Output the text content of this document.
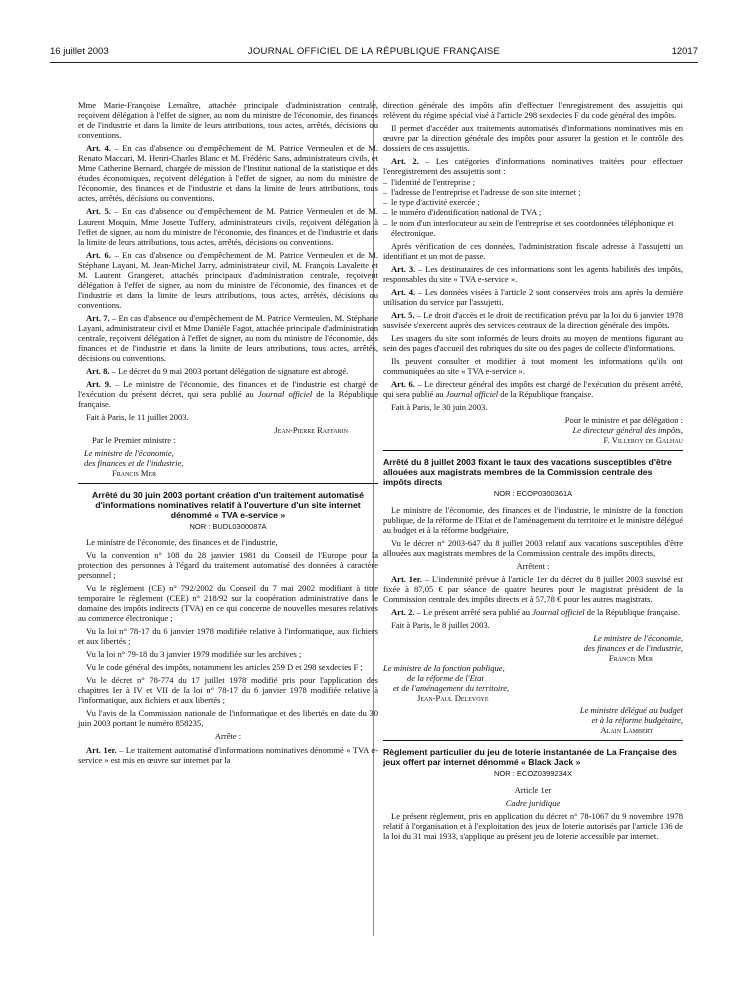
16 juillet 2003	JOURNAL OFFICIEL DE LA RÉPUBLIQUE FRANÇAISE	12017

Mme Marie-Françoise Lemaître, attachée principale d'administration centrale, reçoivent délégation à l'effet de signer, au nom du ministre de l'économie, des finances et de l'industrie et dans la limite de leurs attributions, tous actes, arrêtés, décisions ou conventions.

Art. 4. – En cas d'absence ou d'empêchement de M. Patrice Vermeulen et de M. Renato Maccari, M. Henri-Charles Blanc et M. Frédéric Sans, administrateurs civils, et Mme Catherine Bernard, chargée de mission de l'Institut national de la statistique et des études économiques, reçoivent délégation à l'effet de signer, au nom du ministre de l'économie, des finances et de l'industrie et dans la limite de leurs attributions, tous actes, arrêtés, décisions ou conventions.

Art. 5. – En cas d'absence ou d'empêchement de M. Patrice Vermeulen et de M. Laurent Moquin, Mme Josette Tuffery, administrateurs civils, reçoivent délégation à l'effet de signer, au nom du ministre de l'économie, des finances et de l'industrie et dans la limite de leurs attributions, tous actes, arrêtés, décisions ou conventions.

Art. 6. – En cas d'absence ou d'empêchement de M. Patrice Vermeulen et de M. Stéphane Layani, M. Jean-Michel Jarry, administrateur civil, M. François Lavalette et M. Laurent Grangeret, attachés principaux d'administration centrale, reçoivent délégation à l'effet de signer, au nom du ministre de l'économie, des finances et de l'industrie et dans la limite de leurs attributions, tous actes, arrêtés, décisions ou conventions.

Art. 7. – En cas d'absence ou d'empêchement de M. Patrice Vermeulen, M. Stéphane Layani, administrateur civil et Mme Danièle Fagot, attachée principale d'administration centrale, reçoivent délégation à l'effet de signer, au nom du ministre de l'économie, des finances et de l'industrie et dans la limite de leurs attributions, tous actes, arrêtés, décisions ou conventions.

Art. 8. – Le décret du 9 mai 2003 portant délégation de signature est abrogé.

Art. 9. – Le ministre de l'économie, des finances et de l'industrie est chargé de l'exécution du présent décret, qui sera publié au Journal officiel de la République française.

Fait à Paris, le 11 juillet 2003.

Jean-Pierre Raffarin

Par le Premier ministre :

Le ministre de l'économie,

des finances et de l'industrie,

Francis Mer

Arrêté du 30 juin 2003 portant création d'un traitement automatisé d'informations nominatives relatif à l'ouverture d'un site internet dénommé « TVA e-service »

NOR : BUDL0300087A

Le ministre de l'économie, des finances et de l'industrie,

Vu la convention n° 108 du 28 janvier 1981 du Conseil de l'Europe pour la protection des personnes à l'égard du traitement automatisé des données à caractère personnel ;

Vu le règlement (CE) n° 792/2002 du Conseil du 7 mai 2002 modifiant à titre temporaire le règlement (CEE) n° 218/92 sur la coopération administrative dans le domaine des impôts indirects (TVA) en ce qui concerne de nouvelles mesures relatives au commerce électronique ;

Vu la loi n° 78-17 du 6 janvier 1978 modifiée relative à l'informatique, aux fichiers et aux libertés ;

Vu la loi n° 79-18 du 3 janvier 1979 modifiée sur les archives ;

Vu le code général des impôts, notamment les articles 259 D et 298 sexdecies F ;

Vu le décret n° 78-774 du 17 juillet 1978 modifié pris pour l'application des chapitres Ier à IV et VII de la loi n° 78-17 du 6 janvier 1978 modifiée relative à l'informatique, aux fichiers et aux libertés ;

Vu l'avis de la Commission nationale de l'informatique et des libertés en date du 30 juin 2003 portant le numéro 858235,

Arrête :

Art. 1er. – Le traitement automatisé d'informations nominatives dénommé « TVA e-service » est mis en œuvre sur internet par la

direction générale des impôts afin d'effectuer l'enregistrement des assujettis qui relèvent du régime spécial visé à l'article 298 sexdecies F du code général des impôts.

Il permet d'accéder aux traitements automatisés d'informations nominatives mis en œuvre par la direction générale des impôts pour assurer la gestion et le contrôle des dossiers de ces assujettis.

Art. 2. – Les catégories d'informations nominatives traitées pour effectuer l'enregistrement des assujettis sont :

– l'identité de l'entreprise ;
– l'adresse de l'entreprise et l'adresse de son site internet ;
– le type d'activité exercée ;
– le numéro d'identification national de TVA ;
– le nom d'un interlocuteur au sein de l'entreprise et ses coordonnées téléphonique et électronique.

Après vérification de ces données, l'administration fiscale adresse à l'assujetti un identifiant et un mot de passe.

Art. 3. – Les destinataires de ces informations sont les agents habilités des impôts, responsables du site « TVA e-service ».

Art. 4. – Les données visées à l'article 2 sont conservées trois ans après la dernière utilisation du service par l'assujetti.

Art. 5. – Le droit d'accès et le droit de rectification prévu par la loi du 6 janvier 1978 susvisée s'exercent auprès des services centraux de la direction générale des impôts.

Les usagers du site sont informés de leurs droits au moyen de mentions figurant au sein des pages d'accueil des rubriques du site ou des pages de collecte d'informations.

Ils peuvent consulter et modifier à tout moment les informations qu'ils ont communiquées au site « TVA e-service ».

Art. 6. – Le directeur général des impôts est chargé de l'exécution du présent arrêté, qui sera publié au Journal officiel de la République française.

Fait à Paris, le 30 juin 2003.

Pour le ministre et par délégation :

Le directeur général des impôts,

F. Villeroy de Galhau

Arrêté du 8 juillet 2003 fixant le taux des vacations susceptibles d'être allouées aux magistrats membres de la Commission centrale des impôts directs

NOR : ECOP0300361A

Le ministre de l'économie, des finances et de l'industrie, le ministre de la fonction publique, de la réforme de l'Etat et de l'aménagement du territoire et le ministre délégué au budget et à la réforme budgétaire,

Vu le décret n° 2003-647 du 8 juillet 2003 relatif aux vacations susceptibles d'être allouées aux magistrats membres de la Commission centrale des impôts directs,

Arrêtent :

Art. 1er. – L'indemnité prévue à l'article 1er du décret du 8 juillet 2003 susvisé est fixée à 87,05 € par séance de quatre heures pour le magistrat président de la Commission centrale des impôts directs et à 57,78 € pour les autres magistrats.

Art. 2. – Le présent arrêté sera publié au Journal officiel de la République française.

Fait à Paris, le 8 juillet 2003.

Le ministre de l'économie,

des finances et de l'industrie,

Francis Mer

Le ministre de la fonction publique,

de la réforme de l'Etat

et de l'aménagement du territoire,

Jean-Paul Delevoye

Le ministre délégué au budget

et à la réforme budgétaire,

Alain Lambert

Règlement particulier du jeu de loterie instantanée de La Française des jeux offert par internet dénommé « Black Jack »

NOR : ECOZ0399234X

Article 1er

Cadre juridique

Le présent règlement, pris en application du décret n° 78-1067 du 9 novembre 1978 relatif à l'organisation et à l'exploitation des jeux de loterie autorisés par l'article 136 de la loi du 31 mai 1933, s'applique au présent jeu de loterie accessible par internet.
